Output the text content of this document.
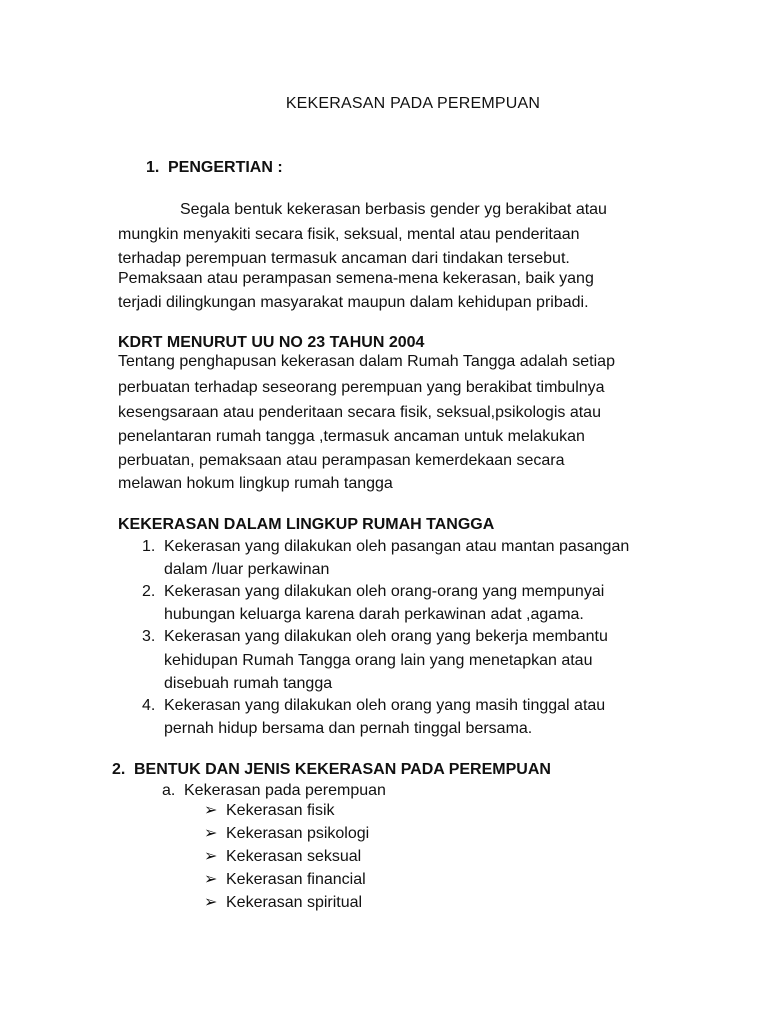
KEKERASAN PADA PEREMPUAN

1. PENGERTIAN :

Segala bentuk kekerasan berbasis gender yg berakibat atau

mungkin menyakiti secara fisik, seksual, mental atau penderitaan

terhadap perempuan termasuk ancaman dari tindakan tersebut.

Pemaksaan atau perampasan semena-mena kekerasan, baik yang

terjadi dilingkungan masyarakat maupun dalam kehidupan pribadi.

KDRT MENURUT UU NO 23 TAHUN 2004

Tentang penghapusan kekerasan dalam Rumah Tangga adalah setiap

perbuatan terhadap seseorang perempuan yang berakibat timbulnya

kesengsaraan atau penderitaan secara fisik, seksual,psikologis atau

penelantaran rumah tangga ,termasuk ancaman untuk melakukan

perbuatan, pemaksaan atau perampasan kemerdekaan secara

melawan hokum lingkup rumah tangga

KEKERASAN DALAM LINGKUP RUMAH TANGGA

1. Kekerasan yang dilakukan oleh pasangan atau mantan pasangan

dalam /luar perkawinan

2. Kekerasan yang dilakukan oleh orang-orang yang mempunyai

hubungan keluarga karena darah perkawinan adat ,agama.

3. Kekerasan yang dilakukan oleh orang yang bekerja membantu

kehidupan Rumah Tangga orang lain yang menetapkan atau

disebuah rumah tangga

4. Kekerasan yang dilakukan oleh orang yang masih tinggal atau

pernah hidup bersama dan pernah tinggal bersama.

2. BENTUK DAN JENIS KEKERASAN PADA PEREMPUAN
a. Kekerasan pada perempuan
➢ Kekerasan fisik
➢ Kekerasan psikologi
➢ Kekerasan seksual
➢ Kekerasan financial
➢ Kekerasan spiritual
